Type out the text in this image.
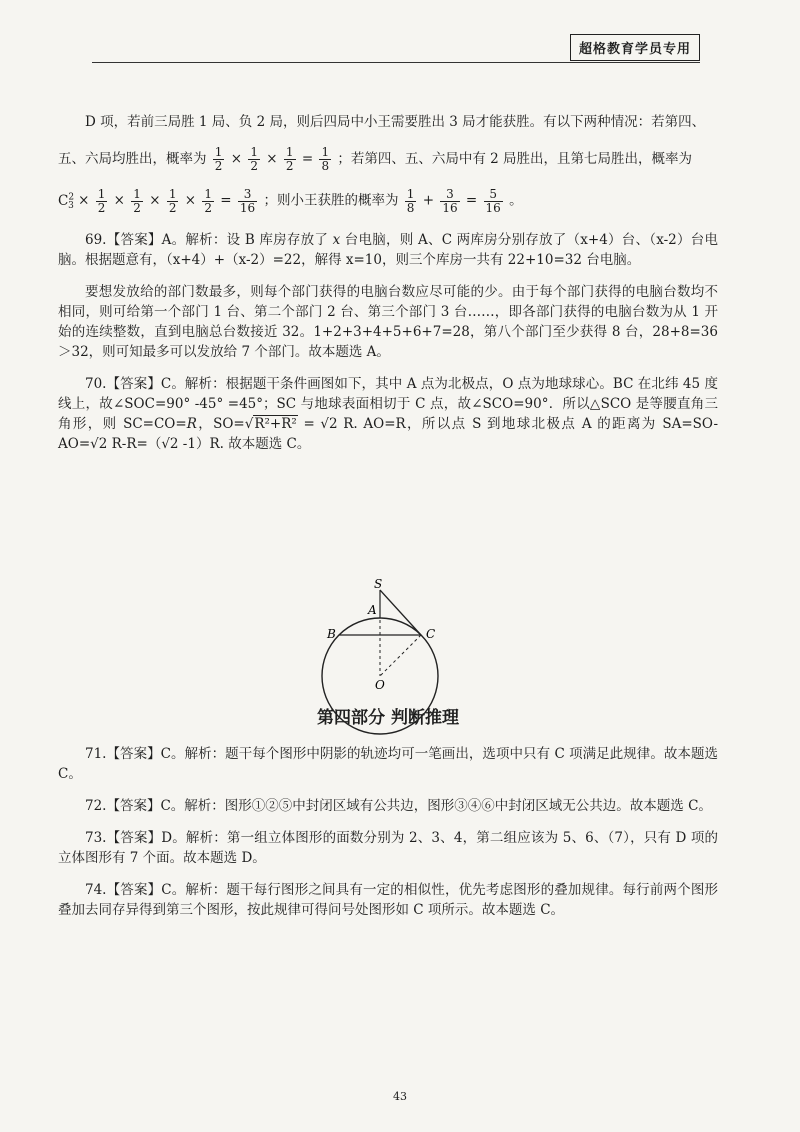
超格教育学员专用
D 项，若前三局胜 1 局、负 2 局，则后四局中小王需要胜出 3 局才能获胜。有以下两种情况：若第四、
五、六局均胜出，概率为 $\frac{1}{2} \times \frac{1}{2} \times \frac{1}{2} = \frac{1}{8}$ ；若第四、五、六局中有 2 局胜出，且第七局胜出，概率为
$C^2_3 \times \frac{1}{2} \times \frac{1}{2} \times \frac{1}{2} \times \frac{1}{2} = \frac{3}{16}$ ；则小王获胜的概率为 $\frac{1}{8} + \frac{3}{16} = \frac{5}{16}$ 。

69.【答案】A。解析：设 B 库房存放了 x 台电脑，则 A、C 两库房分别存放了（x+4）台、（x-2）台电脑。根据题意有，（x+4）+（x-2）=22，解得 x=10，则三个库房一共有 22+10=32 台电脑。

要想发放给的部门数最多，则每个部门获得的电脑台数应尽可能的少。由于每个部门获得的电脑台数均不相同，则可给第一个部门 1 台、第二个部门 2 台、第三个部门 3 台……，即各部门获得的电脑台数为从 1 开始的连续整数，直到电脑总台数接近 32。1+2+3+4+5+6+7=28，第八个部门至少获得 8 台，28+8=36＞32，则可知最多可以发放给 7 个部门。故本题选 A。

70.【答案】C。解析：根据题干条件画图如下，其中 A 点为北极点，O 点为地球球心。BC 在北纬 45 度线上，故∠SOC=90° -45° =45°；SC 与地球表面相切于 C 点，故∠SCO=90°．所以△SCO 是等腰直角三角形，则 SC=CO=R，SO=√R²+R² = √2 R. AO=R，所以点 S 到地球北极点 A 的距离为 SA=SO-AO=√2 R-R=（√2 -1）R. 故本题选 C。

第四部分 判断推理

71.【答案】C。解析：题干每个图形中阴影的轨迹均可一笔画出，选项中只有 C 项满足此规律。故本题选 C。

72.【答案】C。解析：图形①②⑤中封闭区域有公共边，图形③④⑥中封闭区域无公共边。故本题选 C。

73.【答案】D。解析：第一组立体图形的面数分别为 2、3、4，第二组应该为 5、6、（7），只有 D 项的立体图形有 7 个面。故本题选 D。

74.【答案】C。解析：题干每行图形之间具有一定的相似性，优先考虑图形的叠加规律。每行前两个图形叠加去同存异得到第三个图形，按此规律可得问号处图形如 C 项所示。故本题选 C。

S
A
B	C
O
43
